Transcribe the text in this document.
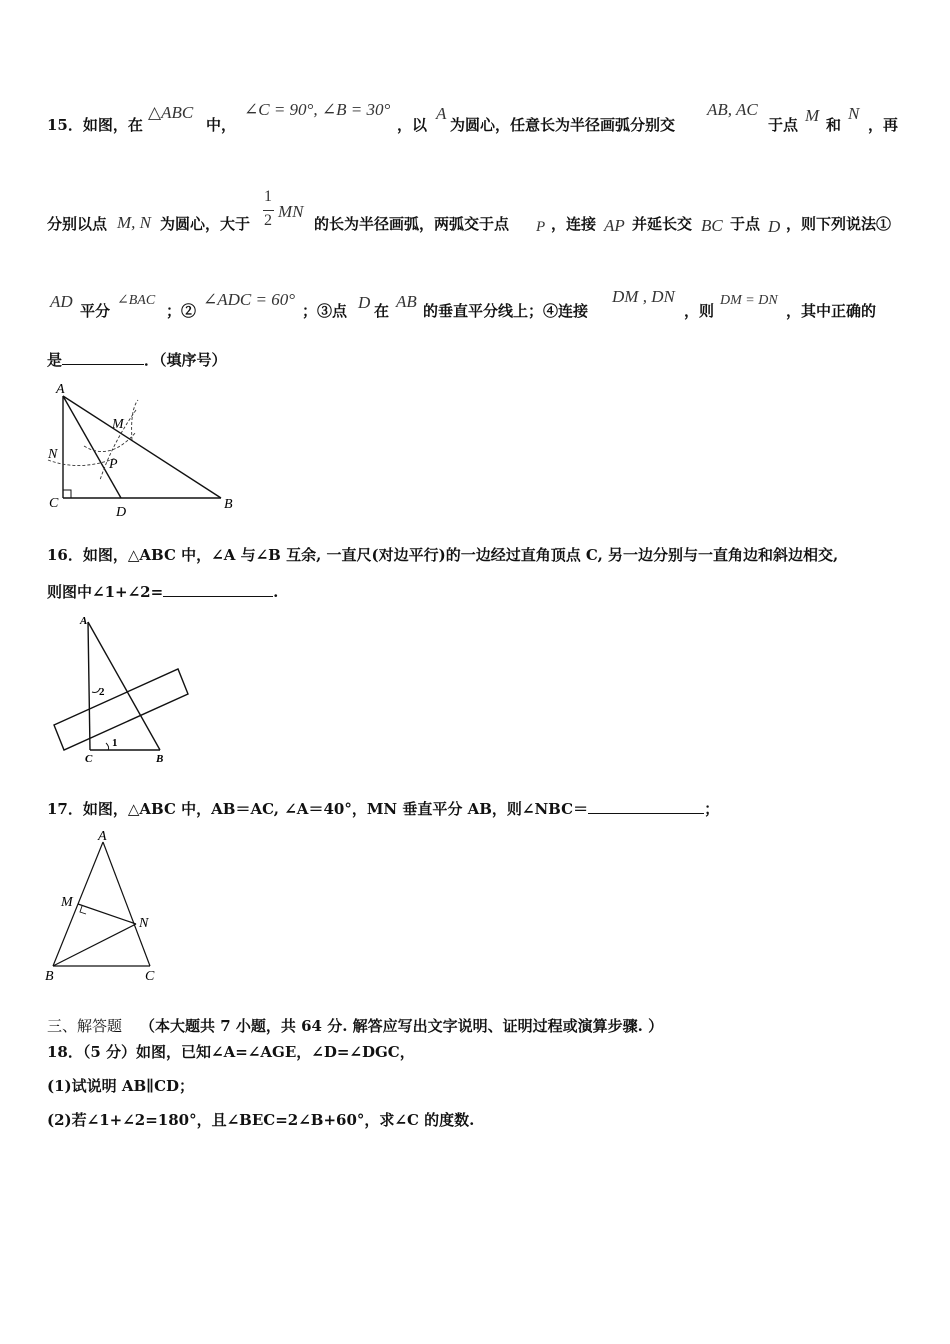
15．如图，在
△ABC
中，
∠C = 90°, ∠B = 30°
，以
A
为圆心，任意长为半径画弧分别交
AB, AC
于点 M 和
N
，再
分别以点 M, N 为圆心，大于
1
2 MN
的长为半径画弧，两弧交于点 P ，连接 AP 并延长交 BC 于点 D ，则下列说法①
AD 平分
∠BAC
；②
∠ADC = 60°
；③点 D 在 AB 的垂直平分线上；④连接
DM , DN
，则
DM = DN
，其中正确的
是	．（填序号）
A
M
N
P
C
D
B
16．如图，△ABC 中，∠A 与∠B 互余, 一直尺(对边平行)的一边经过直角顶点 C, 另一边分别与一直角边和斜边相交,
则图中∠1+∠2=	.
A
C	B
1
2
17．如图，△ABC 中，AB＝AC, ∠A＝40°，MN 垂直平分 AB，则∠NBC＝	；
A
M
N
B	C
三、解答题 （本大题共 7 小题，共 64 分. 解答应写出文字说明、证明过程或演算步骤. ）
18．（5 分）如图，已知∠A=∠AGE，∠D=∠DGC，
(1)试说明 AB∥CD；
(2)若∠1+∠2=180°，且∠BEC=2∠B+60°，求∠C 的度数.
